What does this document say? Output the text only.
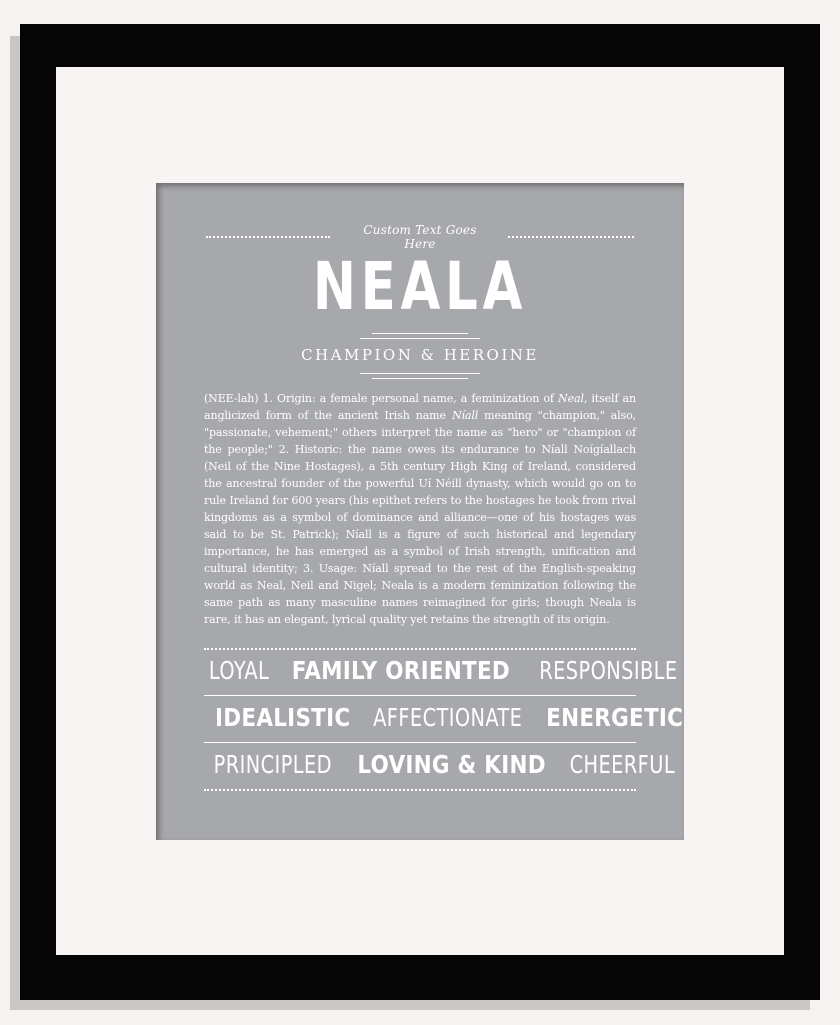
Custom Text Goes Here
NEALA
CHAMPION & HEROINE
(NEE-lah) 1. Origin: a female personal name, a feminization of Neal, itself an anglicized form of the ancient Irish name Níall meaning "champion," also, "passionate, vehement;" others interpret the name as "hero" or "champion of the people;" 2. Historic: the name owes its endurance to Níall Noígíallach (Neil of the Nine Hostages), a 5th century High King of Ireland, considered the ancestral founder of the powerful Uí Néill dynasty, which would go on to rule Ireland for 600 years (his epithet refers to the hostages he took from rival kingdoms as a symbol of dominance and alliance—one of his hostages was said to be St. Patrick); Níall is a figure of such historical and legendary importance, he has emerged as a symbol of Irish strength, unification and cultural identity; 3. Usage: Níall spread to the rest of the English-speaking world as Neal, Neil and Nigel; Neala is a modern feminization following the same path as many masculine names reimagined for girls; though Neala is rare, it has an elegant, lyrical quality yet retains the strength of its origin.
LOYAL FAMILY ORIENTED RESPONSIBLE
IDEALISTIC AFFECTIONATE ENERGETIC
PRINCIPLED LOVING & KIND CHEERFUL
